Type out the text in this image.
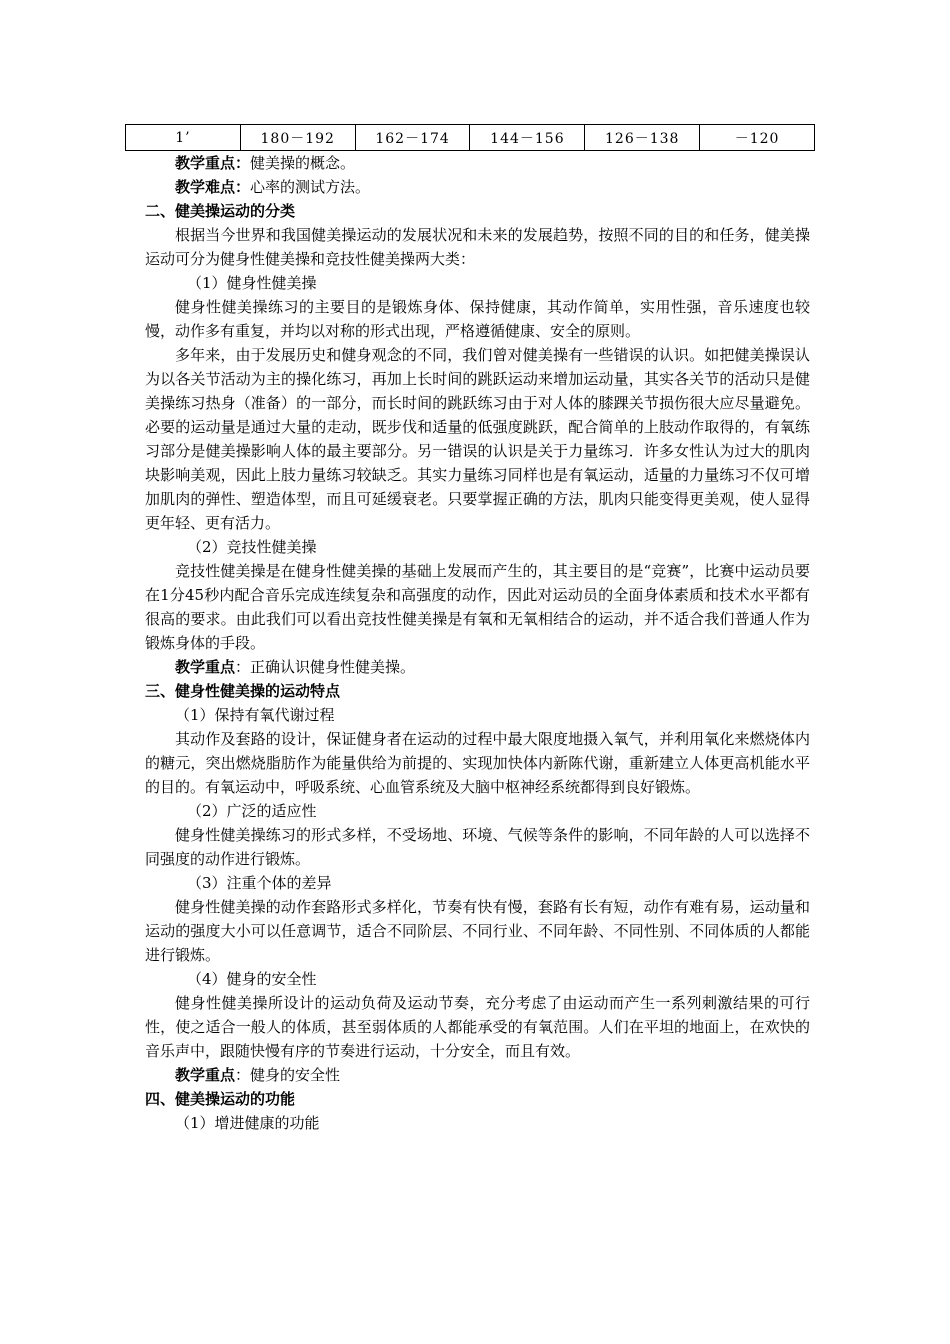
1’	180－192	162－174	144－156	126－138	－120

教学重点：健美操的概念。

教学难点：心率的测试方法。

二、健美操运动的分类

根据当今世界和我国健美操运动的发展状况和未来的发展趋势，按照不同的目的和任务，健美操运动可分为健身性健美操和竞技性健美操两大类：

（1）健身性健美操

健身性健美操练习的主要目的是锻炼身体、保持健康，其动作简单，实用性强，音乐速度也较慢，动作多有重复，并均以对称的形式出现，严格遵循健康、安全的原则。

多年来，由于发展历史和健身观念的不同，我们曾对健美操有一些错误的认识。如把健美操误认为以各关节活动为主的操化练习，再加上长时间的跳跃运动来增加运动量，其实各关节的活动只是健美操练习热身（准备）的一部分，而长时间的跳跃练习由于对人体的膝踝关节损伤很大应尽量避免。必要的运动量是通过大量的走动，既步伐和适量的低强度跳跃，配合简单的上肢动作取得的，有氧练习部分是健美操影响人体的最主要部分。另一错误的认识是关于力量练习．许多女性认为过大的肌肉块影响美观，因此上肢力量练习较缺乏。其实力量练习同样也是有氧运动，适量的力量练习不仅可增加肌肉的弹性、塑造体型，而且可延缓衰老。只要掌握正确的方法，肌肉只能变得更美观，使人显得更年轻、更有活力。

（2）竞技性健美操

竞技性健美操是在健身性健美操的基础上发展而产生的，其主要目的是“竞赛”，比赛中运动员要在1分45秒内配合音乐完成连续复杂和高强度的动作，因此对运动员的全面身体素质和技术水平都有很高的要求。由此我们可以看出竞技性健美操是有氧和无氧相结合的运动，并不适合我们普通人作为锻炼身体的手段。

教学重点：正确认识健身性健美操。

三、健身性健美操的运动特点

（1）保持有氧代谢过程

其动作及套路的设计，保证健身者在运动的过程中最大限度地摄入氧气，并利用氧化来燃烧体内的糖元，突出燃烧脂肪作为能量供给为前提的、实现加快体内新陈代谢，重新建立人体更高机能水平的目的。有氧运动中，呼吸系统、心血管系统及大脑中枢神经系统都得到良好锻炼。

（2）广泛的适应性

健身性健美操练习的形式多样，不受场地、环境、气候等条件的影响，不同年龄的人可以选择不同强度的动作进行锻炼。

（3）注重个体的差异

健身性健美操的动作套路形式多样化，节奏有快有慢，套路有长有短，动作有难有易，运动量和运动的强度大小可以任意调节，适合不同阶层、不同行业、不同年龄、不同性别、不同体质的人都能进行锻炼。

（4）健身的安全性

健身性健美操所设计的运动负荷及运动节奏，充分考虑了由运动而产生一系列刺激结果的可行性，使之适合一般人的体质，甚至弱体质的人都能承受的有氧范围。人们在平坦的地面上，在欢快的音乐声中，跟随快慢有序的节奏进行运动，十分安全，而且有效。

教学重点：健身的安全性

四、健美操运动的功能

（1）增进健康的功能
